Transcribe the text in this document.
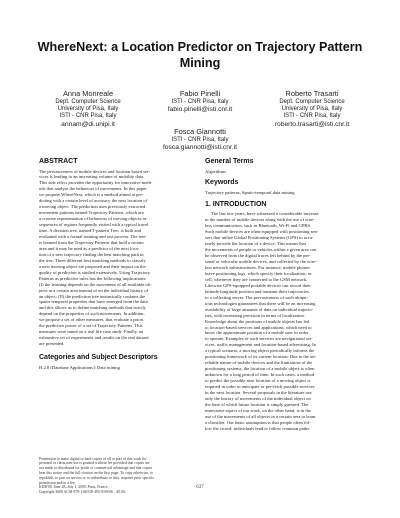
WhereNext: a Location Predictor on Trajectory Pattern
Mining
Anna Monreale
Dept. Computer Science
University of Pisa, Italy
ISTI - CNR Pisa, Italy
annam@di.unipi.it
Fabio Pinelli
ISTI - CNR Pisa, Italy
fabio.pinelli@isti.cnr.it
Roberto Trasarti
Dept. Computer Science
University of Pisa, Italy
ISTI - CNR Pisa, Italy
roberto.trasarti@isti.cnr.it
Fosca Giannotti
ISTI - CNR Pisa, Italy
fosca.giannotti@isti.cnr.it
ABSTRACT
The pervasiveness of mobile devices and location based ser-
vices is leading to an increasing volume of mobility data.
This side effect provides the opportunity for innovative meth-
ods that analyse the behaviors of movements. In this paper
we propose WhereNext, which is a method aimed at pre-
dicting with a certain level of accuracy the next location of
a moving object. The prediction uses previously extracted
movement patterns named Trajectory Patterns, which are
a concise representation of behaviors of moving objects as
sequences of regions frequently visited with a typical travel
time. A decision tree, named T-pattern Tree, is built and
evaluated with a formal training and test process. The tree
is learned from the Trajectory Patterns that hold a certain
area and it may be used as a predictor of the next loca-
tion of a new trajectory finding the best matching path in
the tree. Three different best matching methods to classify
a new moving object are proposed and their impact on the
quality of prediction is studied extensively. Using Trajectory
Patterns as predictive rules has the following implications:
(I) the learning depends on the movement of all available ob-
jects in a certain area instead of on the individual history of
an object; (II) the prediction tree intrinsically contains the
spatio-temporal properties that have emerged from the data
and this allows us to define matching methods that strictly
depend on the properties of such movements. In addition,
we propose a set of other measures, that evaluate a priori
the predictive power of a set of Trajectory Patterns. This
measures were tuned on a real life case study. Finally, an
exhaustive set of experiments and results on the real dataset
are presented.
Categories and Subject Descriptors
H.2.8 [Database Applications]: Data mining
Permission to make digital or hard copies of all or part of this work for
personal or classroom use is granted without fee provided that copies are
not made or distributed for profit or commercial advantage and that copies
bear this notice and the full citation on the first page. To copy otherwise, to
republish, to post on servers or to redistribute to lists, requires prior specific
permission and/or a fee.
KDD'09, June 28–July 1, 2009, Paris, France.
Copyright 2009 ACM 978-1-60558-495-9/09/06 ...$5.00.
General Terms
Algorithms
Keywords
Trajectory patterns, Spatio-temporal data mining
1. INTRODUCTION
The last few years, have witnessed a considerable increase
in the number of mobile devices along with the use of wire-
less communication, such as Bluetooth, Wi-Fi and GPRS.
Such mobile devices are often equipped with positioning sen-
sors that utilize Global Positioning Systems (GPS) to accu-
rately provide the location of a device. This means that
the movements of people or vehicles within a given area can
be observed from the digital traces left behind by the per-
sonal or vehicular mobile devices, and collected by the wire-
less network infrastructures. For instance, mobile phones
leave positioning logs, which specify their localization, or
cell, whenever they are connected to the GSM network.
Likewise GPS-equipped portable devices can record their
latitude-longitude position and transmit their trajectories
to a collecting server. The pervasiveness of such ubiqui-
tous technologies guarantees that there will be an increasing
availability of large amounts of data on individual trajecto-
ries, with increasing precision in terms of localization.
Knowledge about the positions of mobile objects has led
to location-based services and applications, which need to
know the approximate position of a mobile user in order
to operate. Examples of such services are navigational ser-
vices, traffic management and location-based advertising. In
a typical scenario, a moving object periodically informs the
positioning framework of its current location. Due to the un-
reliable nature of mobile devices and the limitations of the
positioning systems, the location of a mobile object is often
unknown for a long period of time. In such cases, a method
to predict the possible next location of a moving object is
required in order to anticipate or pre-fetch possible services
in the next location. Several proposals in the literature use
only the history of movements of the individual object on
the base of which future location is simply guessed. The
innovative aspect of our work, on the other hand, is in the
use of the movements of all objects in a certain area to learn
a classifier. Our basic assumption is that people often fol-
low the crowd: individuals tend to follow common paths.
637
